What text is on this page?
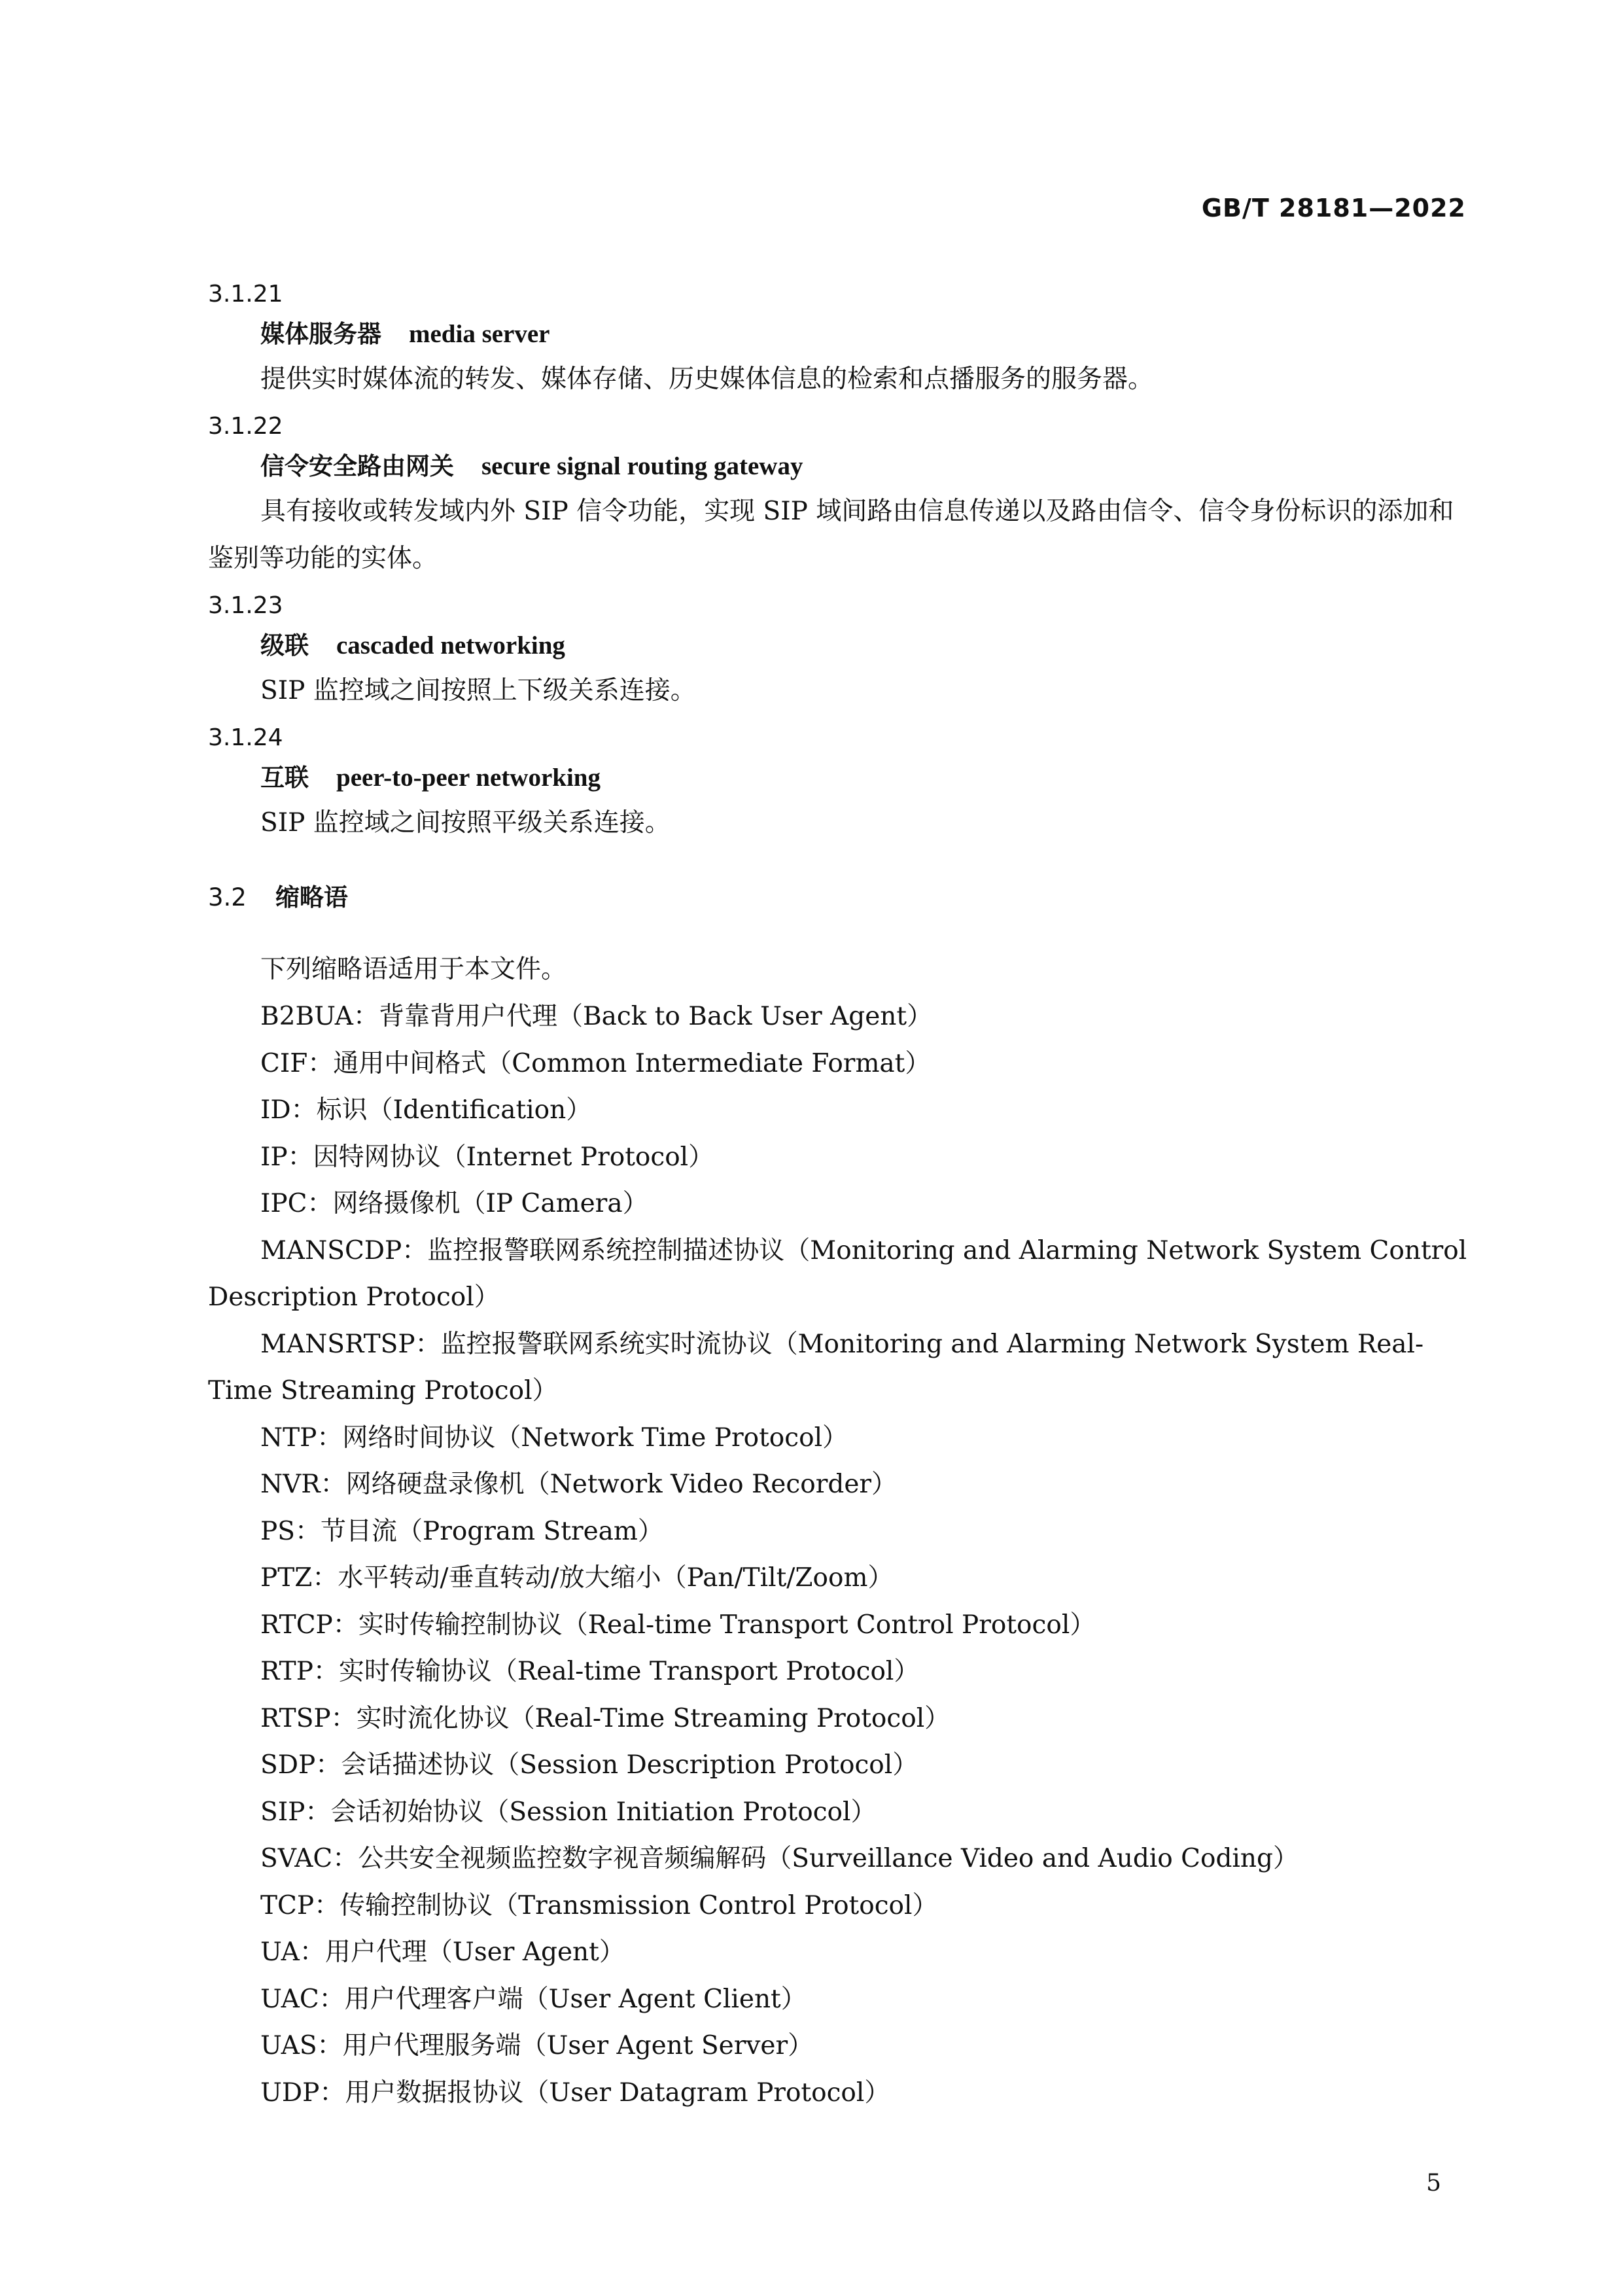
GB/T 28181—2022
3.1.21
媒体服务器 media server
提供实时媒体流的转发、媒体存储、历史媒体信息的检索和点播服务的服务器。
3.1.22
信令安全路由网关 secure signal routing gateway
具有接收或转发域内外 SIP 信令功能，实现 SIP 域间路由信息传递以及路由信令、信令身份标识的添加和鉴别等功能的实体。
3.1.23
级联 cascaded networking
SIP 监控域之间按照上下级关系连接。
3.1.24
互联 peer-to-peer networking
SIP 监控域之间按照平级关系连接。
3.2 缩略语
下列缩略语适用于本文件。
B2BUA：背靠背用户代理（Back to Back User Agent）
CIF：通用中间格式（Common Intermediate Format）
ID：标识（Identification）
IP：因特网协议（Internet Protocol）
IPC：网络摄像机（IP Camera）
MANSCDP：监控报警联网系统控制描述协议（Monitoring and Alarming Network System Control Description Protocol）
MANSRTSP：监控报警联网系统实时流协议（Monitoring and Alarming Network System Real-Time Streaming Protocol）
NTP：网络时间协议（Network Time Protocol）
NVR：网络硬盘录像机（Network Video Recorder）
PS：节目流（Program Stream）
PTZ：水平转动/垂直转动/放大缩小（Pan/Tilt/Zoom）
RTCP：实时传输控制协议（Real-time Transport Control Protocol）
RTP：实时传输协议（Real-time Transport Protocol）
RTSP：实时流化协议（Real-Time Streaming Protocol）
SDP：会话描述协议（Session Description Protocol）
SIP：会话初始协议（Session Initiation Protocol）
SVAC：公共安全视频监控数字视音频编解码（Surveillance Video and Audio Coding）
TCP：传输控制协议（Transmission Control Protocol）
UA：用户代理（User Agent）
UAC：用户代理客户端（User Agent Client）
UAS：用户代理服务端（User Agent Server）
UDP：用户数据报协议（User Datagram Protocol）
5
